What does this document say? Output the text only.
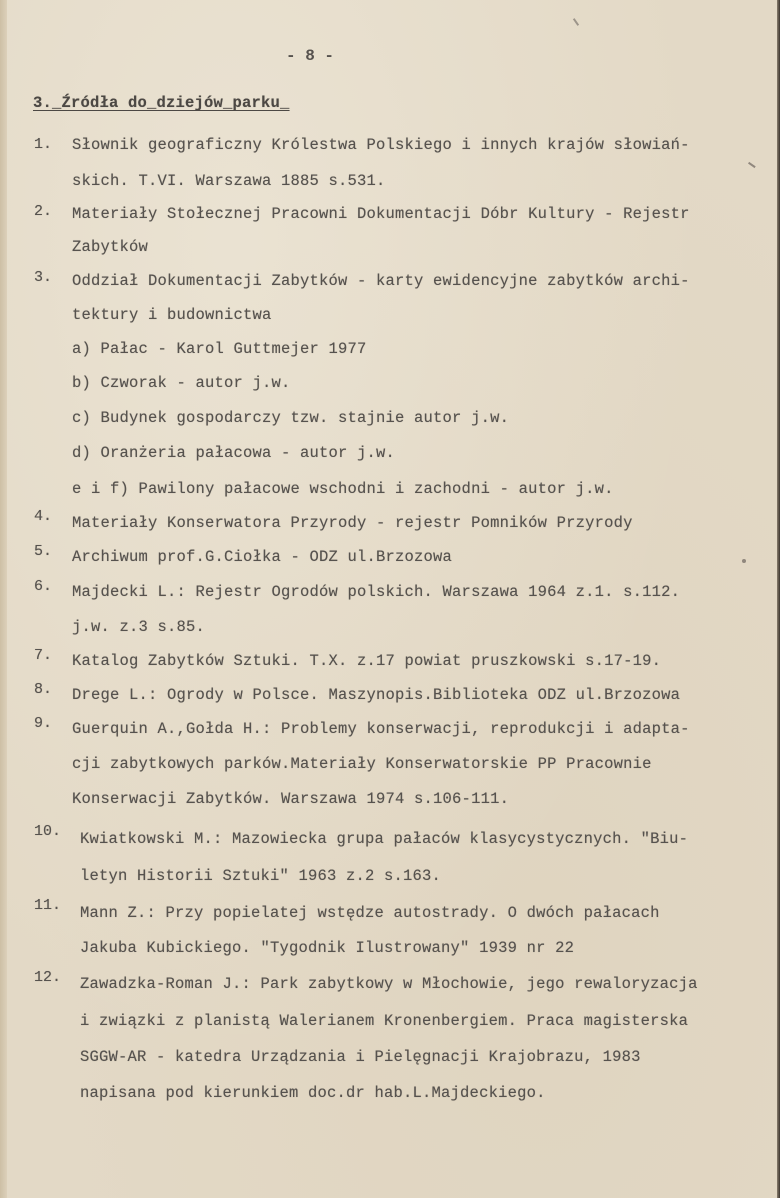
- 8 -
3._Źródła do_dziejów_parku_
1. Słownik geograficzny Królestwa Polskiego i innych krajów słowiań-
skich. T.VI. Warszawa 1885 s.531.
2. Materiały Stołecznej Pracowni Dokumentacji Dóbr Kultury - Rejestr
Zabytków
3. Oddział Dokumentacji Zabytków - karty ewidencyjne zabytków archi-
tektury i budownictwa
a) Pałac - Karol Guttmejer 1977
b) Czworak - autor j.w.
c) Budynek gospodarczy tzw. stajnie autor j.w.
d) Oranżeria pałacowa - autor j.w.
e i f) Pawilony pałacowe wschodni i zachodni - autor j.w.
4. Materiały Konserwatora Przyrody - rejestr Pomników Przyrody
5. Archiwum prof.G.Ciołka - ODZ ul.Brzozowa
6. Majdecki L.: Rejestr Ogrodów polskich. Warszawa 1964 z.1. s.112.
j.w. z.3 s.85.
7. Katalog Zabytków Sztuki. T.X. z.17 powiat pruszkowski s.17-19.
8. Drege L.: Ogrody w Polsce. Maszynopis.Biblioteka ODZ ul.Brzozowa
9. Guerquin A.,Gołda H.: Problemy konserwacji, reprodukcji i adapta-
cji zabytkowych parków.Materiały Konserwatorskie PP Pracownie
Konserwacji Zabytków. Warszawa 1974 s.106-111.
10. Kwiatkowski M.: Mazowiecka grupa pałaców klasycystycznych. "Biu-
letyn Historii Sztuki" 1963 z.2 s.163.
11. Mann Z.: Przy popielatej wstędze autostrady. O dwóch pałacach
Jakuba Kubickiego. "Tygodnik Ilustrowany" 1939 nr 22
12. Zawadzka-Roman J.: Park zabytkowy w Młochowie, jego rewaloryzacja
i związki z planistą Walerianem Kronenbergiem. Praca magisterska
SGGW-AR - katedra Urządzania i Pielęgnacji Krajobrazu, 1983
napisana pod kierunkiem doc.dr hab.L.Majdeckiego.
